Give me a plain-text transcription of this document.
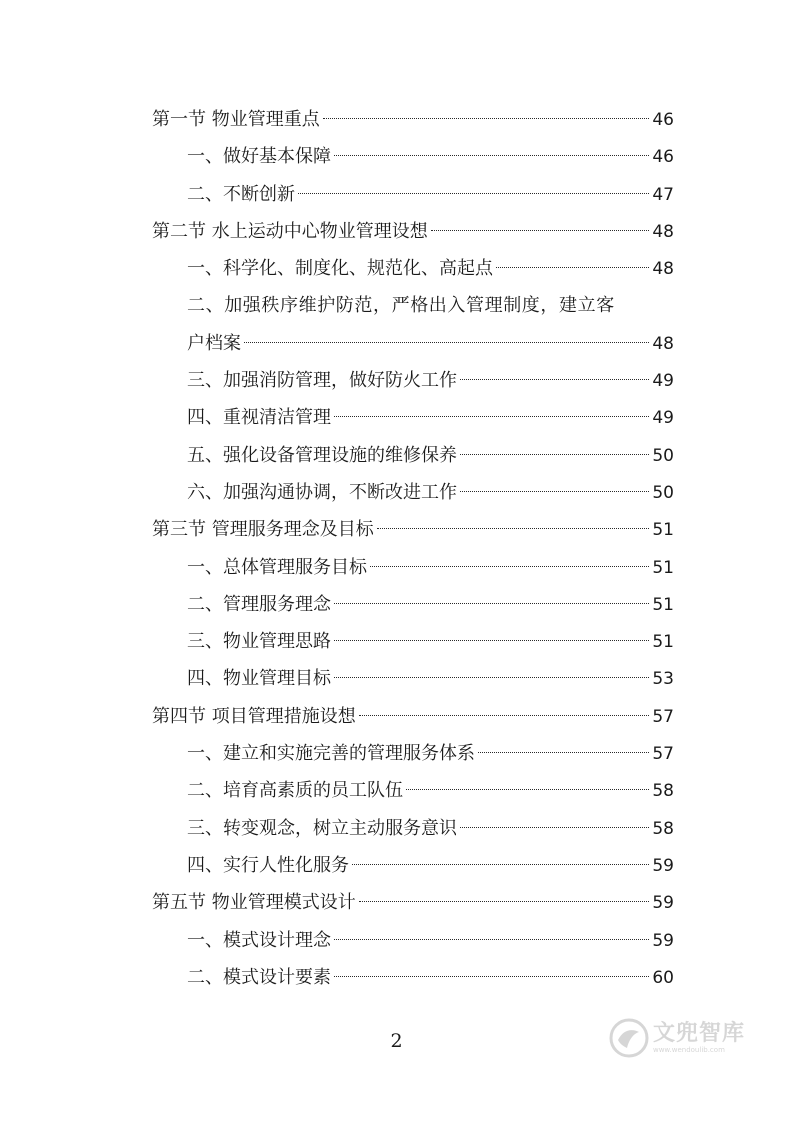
第一节 物业管理重点	46
一、做好基本保障	46
二、不断创新	47
第二节 水上运动中心物业管理设想	48
一、科学化、制度化、规范化、高起点	48
二、加强秩序维护防范，严格出入管理制度，建立客
户档案	48
三、加强消防管理，做好防火工作	49
四、重视清洁管理	49
五、强化设备管理设施的维修保养	50
六、加强沟通协调，不断改进工作	50
第三节 管理服务理念及目标	51
一、总体管理服务目标	51
二、管理服务理念	51
三、物业管理思路	51
四、物业管理目标	53
第四节 项目管理措施设想	57
一、建立和实施完善的管理服务体系	57
二、培育高素质的员工队伍	58
三、转变观念，树立主动服务意识	58
四、实行人性化服务	59
第五节 物业管理模式设计	59
一、模式设计理念	59
二、模式设计要素	60
2	文兜智库
www.wendoulib.com
